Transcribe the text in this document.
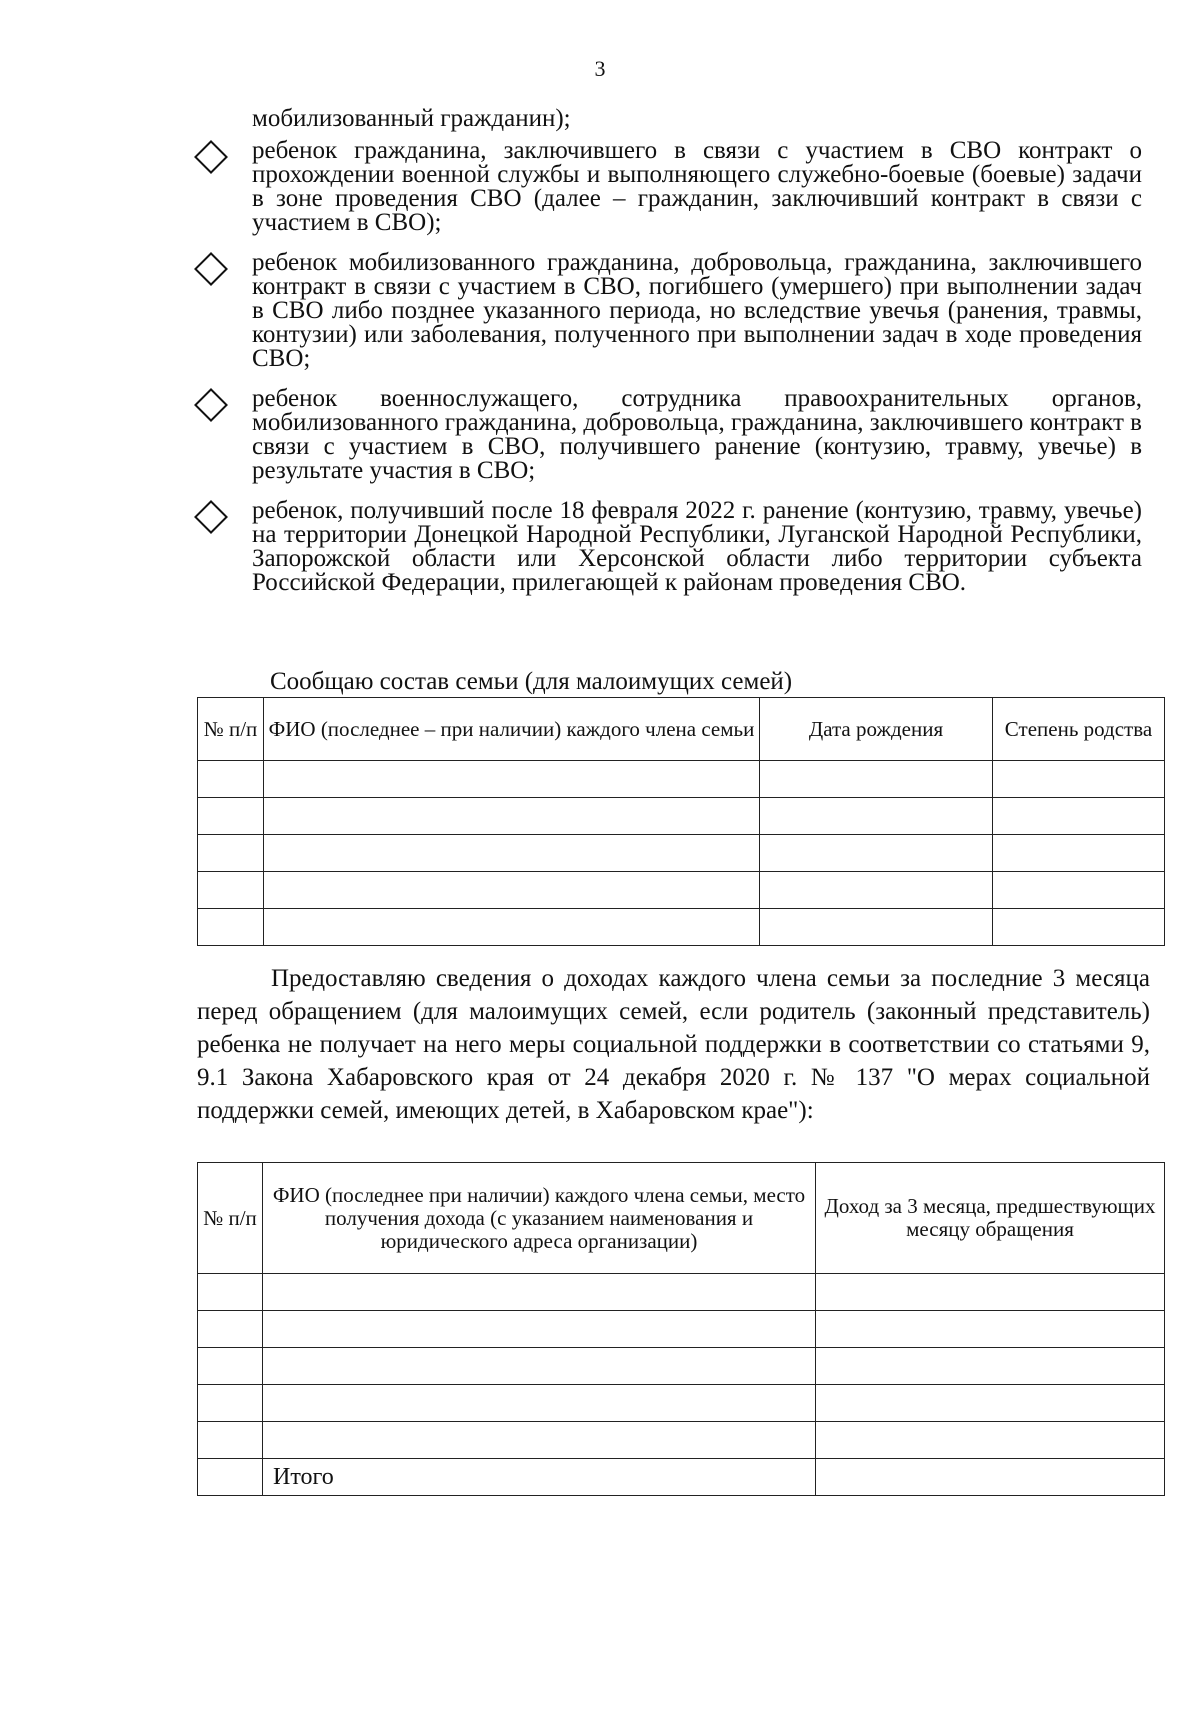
3

мобилизованный гражданин);

ребенок гражданина, заключившего в связи с участием в СВО контракт о прохождении военной службы и выполняющего служебно-боевые (боевые) задачи в зоне проведения СВО (далее – гражданин, заключивший контракт в связи с участием в СВО);

ребенок мобилизованного гражданина, добровольца, гражданина, заключившего контракт в связи с участием в СВО, погибшего (умершего) при выполнении задач в СВО либо позднее указанного периода, но вследствие увечья (ранения, травмы, контузии) или заболевания, полученного при выполнении задач в ходе проведения СВО;

ребенок военнослужащего, сотрудника правоохранительных органов, мобилизованного гражданина, добровольца, гражданина, заключившего контракт в связи с участием в СВО, получившего ранение (контузию, травму, увечье) в результате участия в СВО;

ребенок, получивший после 18 февраля 2022 г. ранение (контузию, травму, увечье) на территории Донецкой Народной Республики, Луганской Народной Республики, Запорожской области или Херсонской области либо территории субъекта Российской Федерации, прилегающей к районам проведения СВО.

Сообщаю состав семьи (для малоимущих семей)
№ п/п	ФИО (последнее – при наличии) каждого члена семьи	Дата рождения	Степень родства

Предоставляю сведения о доходах каждого члена семьи за последние 3 месяца перед обращением (для малоимущих семей, если родитель (законный представитель) ребенка не получает на него меры социальной поддержки в соответствии со статьями 9, 9.1 Закона Хабаровского края от 24 декабря 2020 г. № 137 "О мерах социальной поддержки семей, имеющих детей, в Хабаровском крае"):

№ п/п	ФИО (последнее при наличии) каждого члена семьи, место получения дохода (с указанием наименования и юридического адреса организации)	Доход за 3 месяца, предшествующих месяцу обращения

	Итого	
